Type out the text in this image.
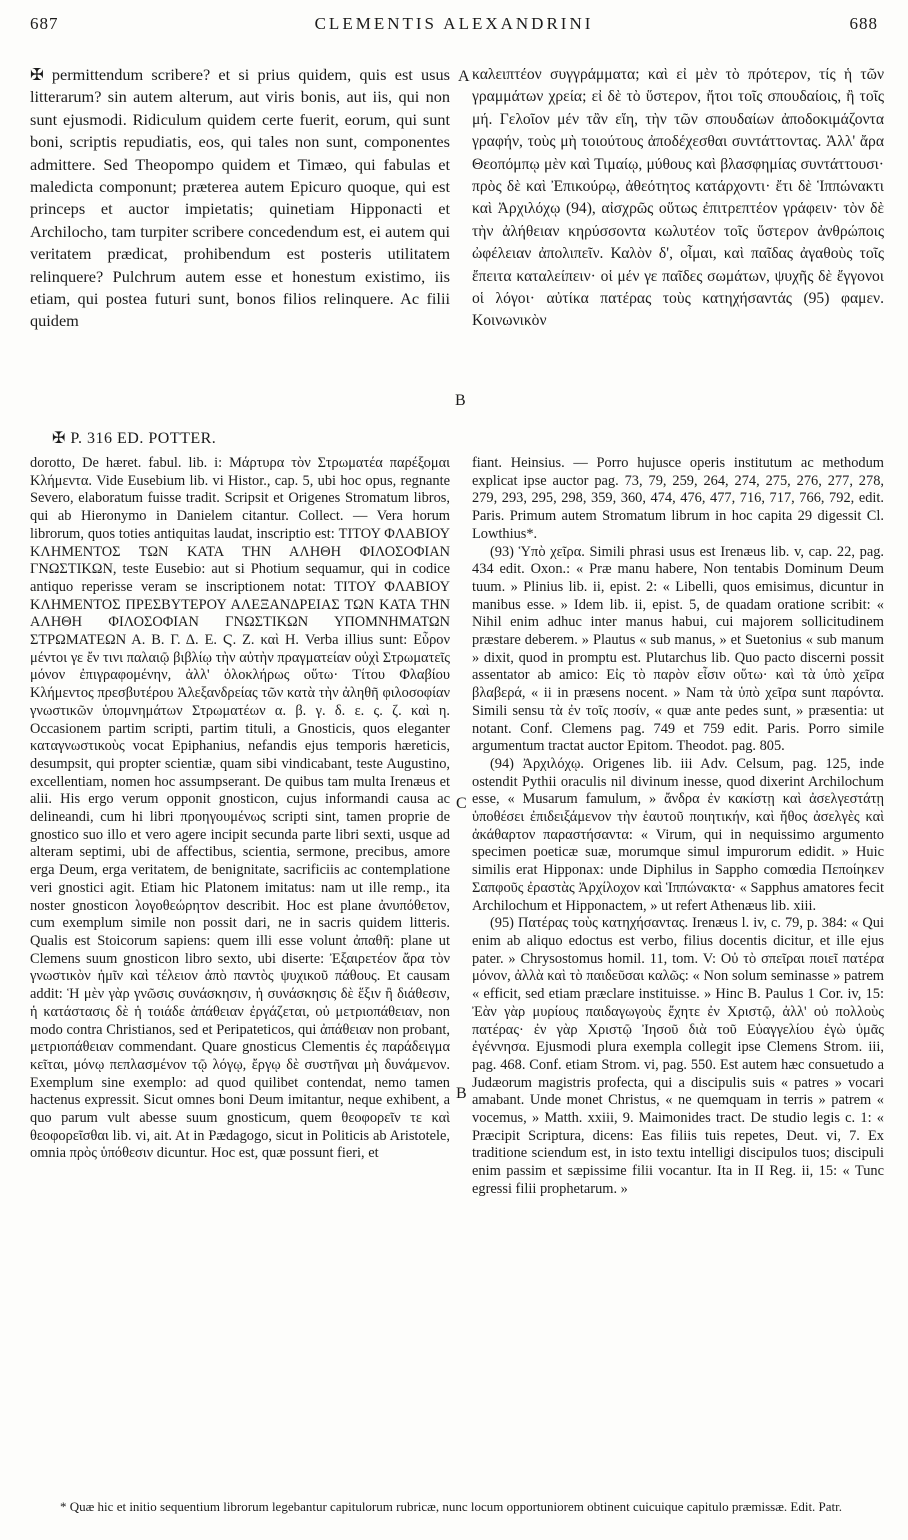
687	CLEMENTIS ALEXANDRINI	688

✠ permittendum scribere? et si prius quidem, quis est usus litterarum? sin autem alterum, aut viris bonis, aut iis, qui non sunt ejusmodi. Ridiculum quidem certe fuerit, eorum, qui sunt boni, scriptis repudiatis, eos, qui tales non sunt, componentes admittere. Sed Theopompo quidem et Timæo, qui fabulas et maledicta componunt; præterea autem Epicuro quoque, qui est princeps et auctor impietatis; quinetiam Hipponacti et Archilocho, tam turpiter scribere concedendum est, ei autem qui veritatem prædicat, prohibendum est posteris utilitatem relinquere? Pulchrum autem esse et honestum existimo, iis etiam, qui postea futuri sunt, bonos filios relinquere. Ac filii quidem

καλειπτέον συγγράμματα; καὶ εἰ μὲν τὸ πρότερον, τίς ἡ τῶν γραμμάτων χρεία; εἰ δὲ τὸ ὕστερον, ἤτοι τοῖς σπουδαίοις, ἢ τοῖς μή. Γελοῖον μέν τἂν εἴη, τὴν τῶν σπουδαίων ἀποδοκιμάζοντα γραφήν, τοὺς μὴ τοιούτους ἀποδέχεσθαι συντάττοντας. Ἀλλ' ἄρα Θεοπόμπῳ μὲν καὶ Τιμαίῳ, μύθους καὶ βλασφημίας συντάττουσι· πρὸς δὲ καὶ Ἐπικούρῳ, ἀθεότητος κατάρχοντι· ἔτι δὲ Ἱππώνακτι καὶ Ἀρχιλόχῳ (94), αἰσχρῶς οὕτως ἐπιτρεπτέον γράφειν· τὸν δὲ τὴν ἀλήθειαν κηρύσσοντα κωλυτέον τοῖς ὕστερον ἀνθρώποις ὠφέλειαν ἀπολιπεῖν. Καλὸν δ', οἶμαι, καὶ παῖδας ἀγαθοὺς τοῖς ἔπειτα καταλείπειν· οἱ μέν γε παῖδες σωμάτων, ψυχῆς δὲ ἔγγονοι οἱ λόγοι· αὐτίκα πατέρας τοὺς κατηχήσαντάς (95) φαμεν. Κοινωνικὸν

A
B
C
B
✠ P. 316 ED. POTTER.

dorotto, De hæret. fabul. lib. i: Μάρτυρα τὸν Στρωματέα παρέξομαι Κλήμεντα. Vide Eusebium lib. vi Histor., cap. 5, ubi hoc opus, regnante Severo, elaboratum fuisse tradit. Scripsit et Origenes Stromatum libros, qui ab Hieronymo in Danielem citantur. Collect. — Vera horum librorum, quos toties antiquitas laudat, inscriptio est: ΤΙΤΟΥ ΦΛΑΒΙΟΥ ΚΛΗΜΕΝΤΟΣ ΤΩΝ ΚΑΤΑ ΤΗΝ ΑΛΗΘΗ ΦΙΛΟΣΟΦΙΑΝ ΓΝΩΣΤΙΚΩΝ, teste Eusebio: aut si Photium sequamur, qui in codice antiquo reperisse veram se inscriptionem notat: ΤΙΤΟΥ ΦΛΑΒΙΟΥ ΚΛΗΜΕΝΤΟΣ ΠΡΕΣΒΥΤΕΡΟΥ ΑΛΕΞΑΝΔΡΕΙΑΣ ΤΩΝ ΚΑΤΑ ΤΗΝ ΑΛΗΘΗ ΦΙΛΟΣΟΦΙΑΝ ΓΝΩΣΤΙΚΩΝ ΥΠΟΜΝΗΜΑΤΩΝ ΣΤΡΩΜΑΤΕΩΝ Α. Β. Γ. Δ. Ε. Ϛ. Ζ. καὶ Η. Verba illius sunt: Εὗρον μέντοι γε ἔν τινι παλαιῷ βιβλίῳ τὴν αὐτὴν πραγματείαν οὐχὶ Στρωματεῖς μόνον ἐπιγραφομένην, ἀλλ' ὁλοκλήρως οὕτω· Τίτου Φλαβίου Κλήμεντος πρεσβυτέρου Ἀλεξανδρείας τῶν κατὰ τὴν ἀληθῆ φιλοσοφίαν γνωστικῶν ὑπομνημάτων Στρωματέων α. β. γ. δ. ε. ς. ζ. καὶ η. Occasionem partim scripti, partim tituli, a Gnosticis, quos eleganter καταγνωστικοὺς vocat Epiphanius, nefandis ejus temporis hæreticis, desumpsit, qui propter scientiæ, quam sibi vindicabant, teste Augustino, excellentiam, nomen hoc assumpserant. De quibus tam multa Irenæus et alii. His ergo verum opponit gnosticon, cujus informandi causa ac delineandi, cum hi libri προηγουμένως scripti sint, tamen proprie de gnostico suo illo et vero agere incipit secunda parte libri sexti, usque ad alteram septimi, ubi de affectibus, scientia, sermone, precibus, amore erga Deum, erga veritatem, de benignitate, sacrificiis ac contemplatione veri gnostici agit. Etiam hic Platonem imitatus: nam ut ille remp., ita noster gnosticon λογοθεώρητον describit. Hoc est plane ἀνυπόθετον, cum exemplum simile non possit dari, ne in sacris quidem litteris. Qualis est Stoicorum sapiens: quem illi esse volunt ἀπαθῆ: plane ut Clemens suum gnosticon libro sexto, ubi diserte: Ἐξαιρετέον ἄρα τὸν γνωστικὸν ἡμῖν καὶ τέλειον ἀπὸ παντὸς ψυχικοῦ πάθους. Et causam addit: Ἡ μὲν γὰρ γνῶσις συνάσκησιν, ἡ συνάσκησις δὲ ἕξιν ἢ διάθεσιν, ἡ κατάστασις δὲ ἡ τοιάδε ἀπάθειαν ἐργάζεται, οὐ μετριοπάθειαν, non modo contra Christianos, sed et Peripateticos, qui ἀπάθειαν non probant, μετριοπάθειαν commendant. Quare gnosticus Clementis ἐς παράδειγμα κεῖται, μόνῳ πεπλασμένον τῷ λόγῳ, ἔργῳ δὲ συστῆναι μὴ δυνάμενον. Exemplum sine exemplo: ad quod quilibet contendat, nemo tamen hactenus expressit. Sicut omnes boni Deum imitantur, neque exhibent, a quo parum vult abesse suum gnosticum, quem θεοφορεῖν τε καὶ θεοφορεῖσθαι lib. vi, ait. At in Pædagogo, sicut in Politicis ab Aristotele, omnia πρὸς ὑπόθεσιν dicuntur. Hoc est, quæ possunt fieri, et

fiant. Heinsius. — Porro hujusce operis institutum ac methodum explicat ipse auctor pag. 73, 79, 259, 264, 274, 275, 276, 277, 278, 279, 293, 295, 298, 359, 360, 474, 476, 477, 716, 717, 766, 792, edit. Paris. Primum autem Stromatum librum in hoc capita 29 digessit Cl. Lowthius*.

(93) Ὑπὸ χεῖρα. Simili phrasi usus est Irenæus lib. v, cap. 22, pag. 434 edit. Oxon.: « Præ manu habere, Non tentabis Dominum Deum tuum. » Plinius lib. ii, epist. 2: « Libelli, quos emisimus, dicuntur in manibus esse. » Idem lib. ii, epist. 5, de quadam oratione scribit: « Nihil enim adhuc inter manus habui, cui majorem sollicitudinem præstare deberem. » Plautus « sub manus, » et Suetonius « sub manum » dixit, quod in promptu est. Plutarchus lib. Quo pacto discerni possit assentator ab amico: Εἰς τὸ παρὸν εἶσιν οὕτω· καὶ τὰ ὑπὸ χεῖρα βλαβερά, « ii in præsens nocent. » Nam τὰ ὑπὸ χεῖρα sunt παρόντα. Simili sensu τὰ ἐν τοῖς ποσίν, « quæ ante pedes sunt, » præsentia: ut notant. Conf. Clemens pag. 749 et 759 edit. Paris. Porro simile argumentum tractat auctor Epitom. Theodot. pag. 805.

(94) Ἀρχιλόχῳ. Origenes lib. iii Adv. Celsum, pag. 125, inde ostendit Pythii oraculis nil divinum inesse, quod dixerint Archilochum esse, « Musarum famulum, » ἄνδρα ἐν κακίστῃ καὶ ἀσελγεστάτῃ ὑποθέσει ἐπιδειξάμενον τὴν ἑαυτοῦ ποιητικήν, καὶ ἤθος ἀσελγὲς καὶ ἀκάθαρτον παραστήσαντα: « Virum, qui in nequissimo argumento specimen poeticæ suæ, morumque simul impurorum edidit. » Huic similis erat Hipponax: unde Diphilus in Sappho comœdia Πεποίηκεν Σαπφοῦς ἐραστὰς Ἀρχίλοχον καὶ Ἱππώνακτα· « Sapphus amatores fecit Archilochum et Hipponactem, » ut refert Athenæus lib. xiii.

(95) Πατέρας τοὺς κατηχήσαντας. Irenæus l. iv, c. 79, p. 384: « Qui enim ab aliquo edoctus est verbo, filius docentis dicitur, et ille ejus pater. » Chrysostomus homil. 11, tom. V: Οὐ τὸ σπεῖραι ποιεῖ πατέρα μόνον, ἀλλὰ καὶ τὸ παιδεῦσαι καλῶς: « Non solum seminasse » patrem « efficit, sed etiam præclare instituisse. » Hinc B. Paulus 1 Cor. iv, 15: Ἐὰν γὰρ μυρίους παιδαγωγοὺς ἔχητε ἐν Χριστῷ, ἀλλ' οὐ πολλοὺς πατέρας· ἐν γὰρ Χριστῷ Ἰησοῦ διὰ τοῦ Εὐαγγελίου ἐγὼ ὑμᾶς ἐγέννησα. Ejusmodi plura exempla collegit ipse Clemens Strom. iii, pag. 468. Conf. etiam Strom. vi, pag. 550. Est autem hæc consuetudo a Judæorum magistris profecta, qui a discipulis suis « patres » vocari amabant. Unde monet Christus, « ne quemquam in terris » patrem « vocemus, » Matth. xxiii, 9. Maimonides tract. De studio legis c. 1: « Præcipit Scriptura, dicens: Eas filiis tuis repetes, Deut. vi, 7. Ex traditione sciendum est, in isto textu intelligi discipulos tuos; discipuli enim passim et sæpissime filii vocantur. Ita in II Reg. ii, 15: « Tunc egressi filii prophetarum. »

* Quæ hic et initio sequentium librorum legebantur capitulorum rubricæ, nunc locum opportuniorem obtinent cuicuique capitulo præmissæ. Edit. Patr.
